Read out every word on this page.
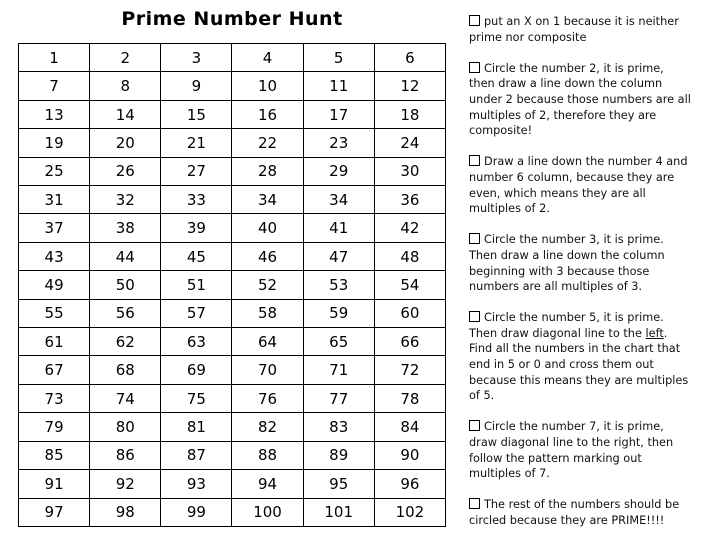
Prime Number Hunt
1	2	3	4	5	6
7	8	9	10	11	12
13	14	15	16	17	18
19	20	21	22	23	24
25	26	27	28	29	30
31	32	33	34	34	36
37	38	39	40	41	42
43	44	45	46	47	48
49	50	51	52	53	54
55	56	57	58	59	60
61	62	63	64	65	66
67	68	69	70	71	72
73	74	75	76	77	78
79	80	81	82	83	84
85	86	87	88	89	90
91	92	93	94	95	96
97	98	99	100	101	102
put an X on 1 because it is neither prime nor composite
Circle the number 2, it is prime, then draw a line down the column under 2 because those numbers are all multiples of 2, therefore they are composite!
Draw a line down the number 4 and number 6 column, because they are even, which means they are all multiples of 2.
Circle the number 3, it is prime. Then draw a line down the column beginning with 3 because those numbers are all multiples of 3.
Circle the number 5, it is prime. Then draw diagonal line to the left. Find all the numbers in the chart that end in 5 or 0 and cross them out because this means they are multiples of 5.
Circle the number 7, it is prime, draw diagonal line to the right, then follow the pattern marking out multiples of 7.
The rest of the numbers should be circled because they are PRIME!!!!
